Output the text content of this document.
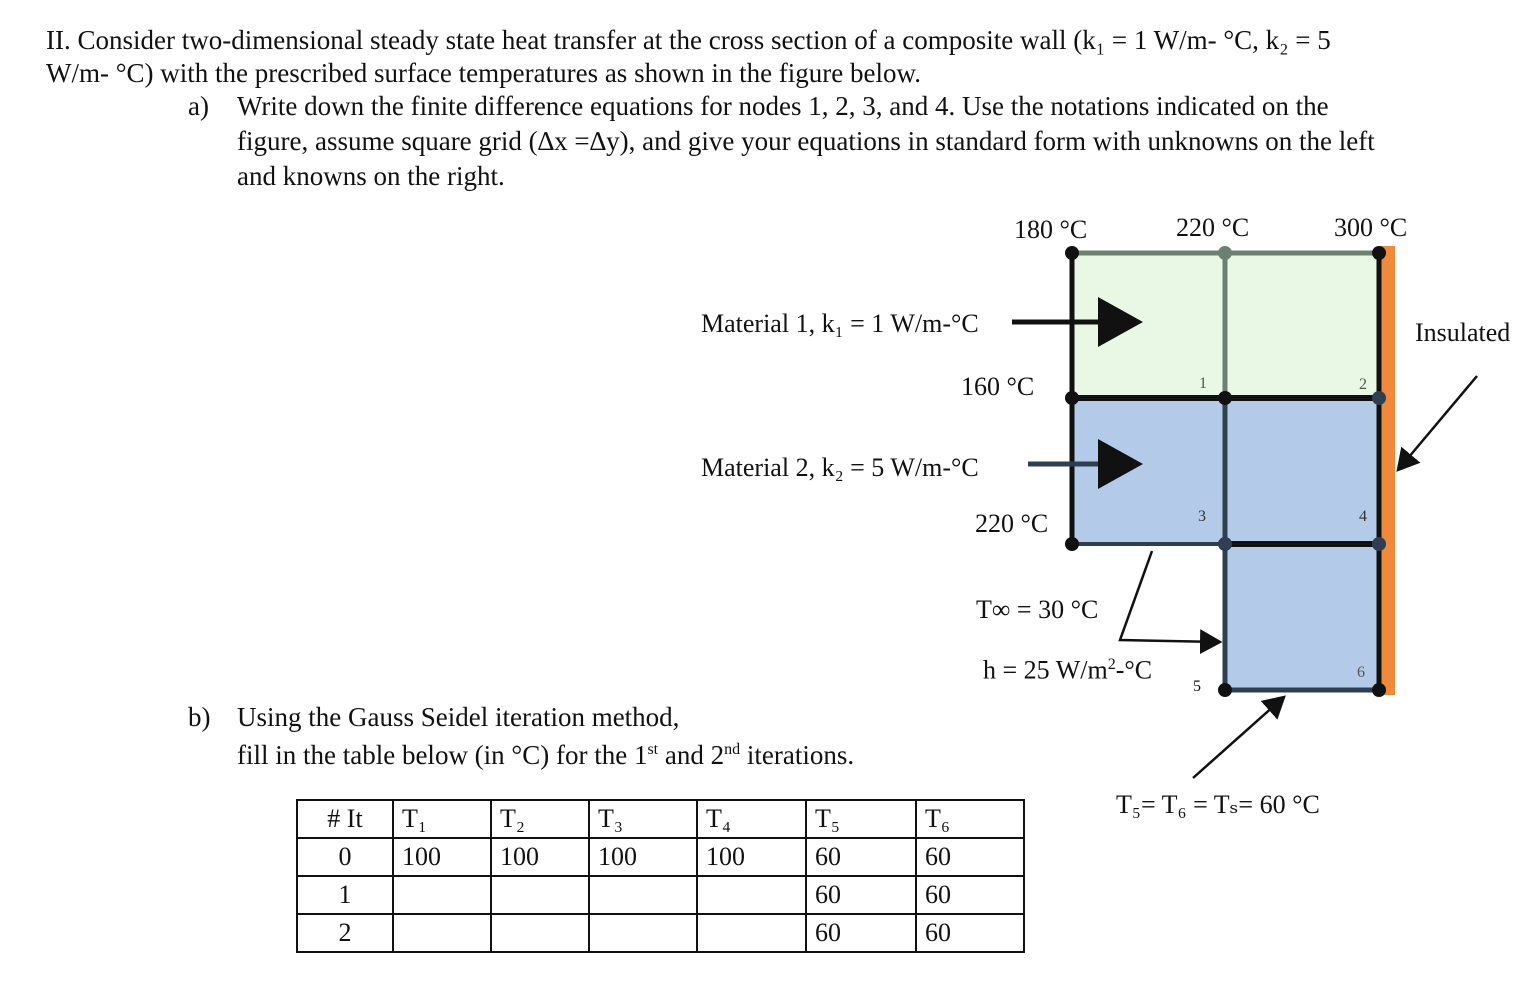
II. Consider two-dimensional steady state heat transfer at the cross section of a composite wall (k₁ = 1 W/m- °C, k₂ = 5
W/m- °C) with the prescribed surface temperatures as shown in the figure below.
a) Write down the finite difference equations for nodes 1, 2, 3, and 4. Use the notations indicated on the
figure, assume square grid (∆x =∆y), and give your equations in standard form with unknowns on the left
and knowns on the right.
b) Using the Gauss Seidel iteration method,
fill in the table below (in °C) for the 1st and 2nd iterations.
1	2
3	4
5
6
180 °C	220 °C	300 °C
Material 1, k₁ = 1 W/m-°C
160 °C
Material 2, k₂ = 5 W/m-°C
220 °C
T∞ = 30 °C
h = 25 $W/m^2-^\circ C$
Insulated
T₅= T₆ = Tₛ= 60 °C
# It	T₁	T₂	T₃	T₄	T₅	T₆
0	100	100	100	100	60	60
1					60	60
2					60	60
